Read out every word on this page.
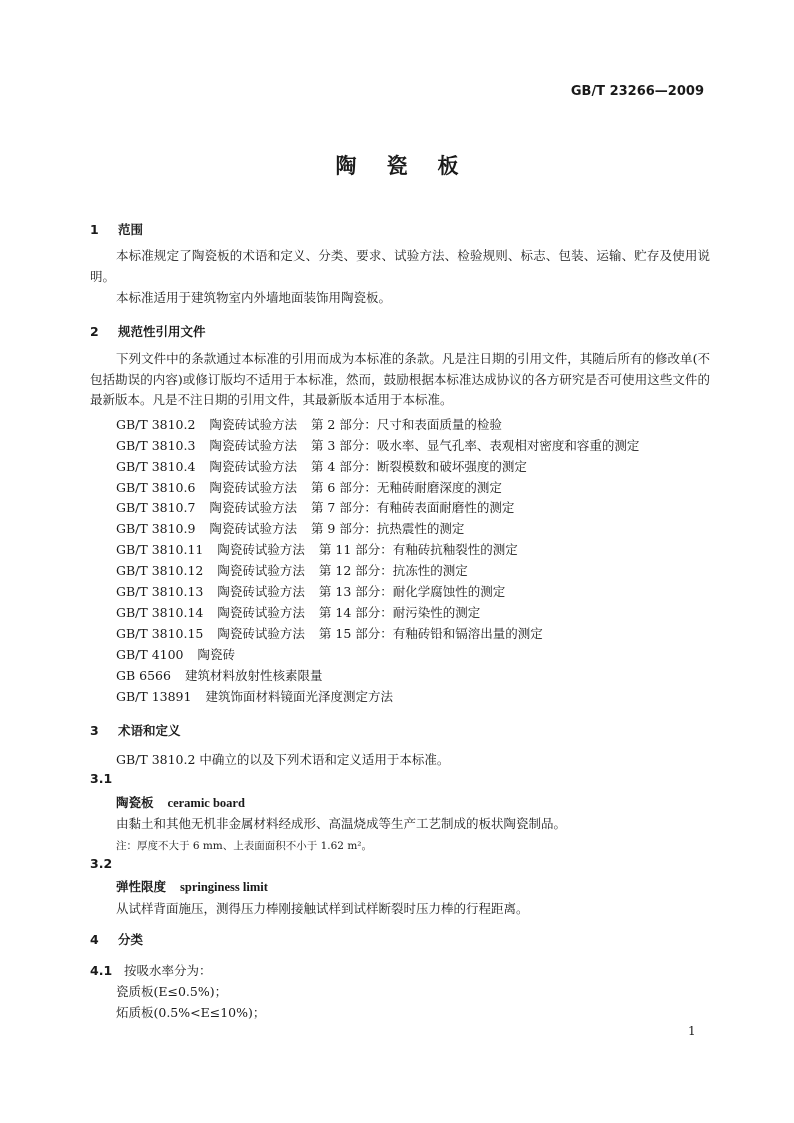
GB/T 23266—2009
陶瓷板
1 范围
本标准规定了陶瓷板的术语和定义、分类、要求、试验方法、检验规则、标志、包装、运输、贮存及使用说明。
本标准适用于建筑物室内外墙地面装饰用陶瓷板。
2 规范性引用文件
下列文件中的条款通过本标准的引用而成为本标准的条款。凡是注日期的引用文件，其随后所有的修改单(不包括勘误的内容)或修订版均不适用于本标准，然而，鼓励根据本标准达成协议的各方研究是否可使用这些文件的最新版本。凡是不注日期的引用文件，其最新版本适用于本标准。
GB/T 3810.2 陶瓷砖试验方法 第 2 部分：尺寸和表面质量的检验
GB/T 3810.3 陶瓷砖试验方法 第 3 部分：吸水率、显气孔率、表观相对密度和容重的测定
GB/T 3810.4 陶瓷砖试验方法 第 4 部分：断裂模数和破坏强度的测定
GB/T 3810.6 陶瓷砖试验方法 第 6 部分：无釉砖耐磨深度的测定
GB/T 3810.7 陶瓷砖试验方法 第 7 部分：有釉砖表面耐磨性的测定
GB/T 3810.9 陶瓷砖试验方法 第 9 部分：抗热震性的测定
GB/T 3810.11 陶瓷砖试验方法 第 11 部分：有釉砖抗釉裂性的测定
GB/T 3810.12 陶瓷砖试验方法 第 12 部分：抗冻性的测定
GB/T 3810.13 陶瓷砖试验方法 第 13 部分：耐化学腐蚀性的测定
GB/T 3810.14 陶瓷砖试验方法 第 14 部分：耐污染性的测定
GB/T 3810.15 陶瓷砖试验方法 第 15 部分：有釉砖铅和镉溶出量的测定
GB/T 4100 陶瓷砖
GB 6566 建筑材料放射性核素限量
GB/T 13891 建筑饰面材料镜面光泽度测定方法
3 术语和定义
GB/T 3810.2 中确立的以及下列术语和定义适用于本标准。
3.1
陶瓷板 ceramic board
由黏土和其他无机非金属材料经成形、高温烧成等生产工艺制成的板状陶瓷制品。
注：厚度不大于 6 mm、上表面面积不小于 1.62 m²。
3.2
弹性限度 springiness limit
从试样背面施压，测得压力棒刚接触试样到试样断裂时压力棒的行程距离。
4 分类
4.1 按吸水率分为：
瓷质板(E≤0.5%)；
炻质板(0.5%<E≤10%)；
1
